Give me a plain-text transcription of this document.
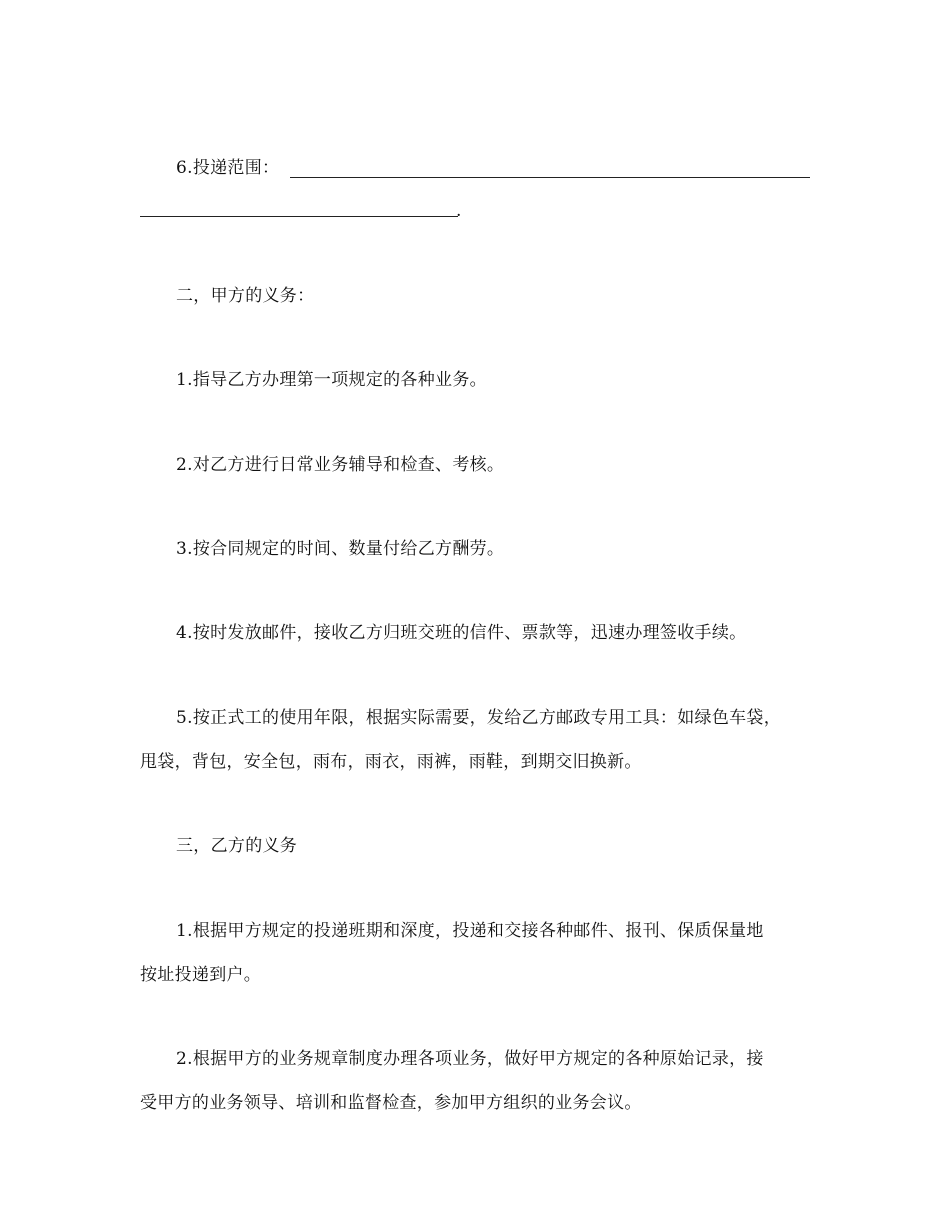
6.投递范围：
.
二，甲方的义务：
1.指导乙方办理第一项规定的各种业务。
2.对乙方进行日常业务辅导和检查、考核。
3.按合同规定的时间、数量付给乙方酬劳。
4.按时发放邮件，接收乙方归班交班的信件、票款等，迅速办理签收手续。
5.按正式工的使用年限，根据实际需要，发给乙方邮政专用工具：如绿色车袋，
甩袋，背包，安全包，雨布，雨衣，雨裤，雨鞋，到期交旧换新。
三，乙方的义务
1.根据甲方规定的投递班期和深度，投递和交接各种邮件、报刊、保质保量地
按址投递到户。
2.根据甲方的业务规章制度办理各项业务，做好甲方规定的各种原始记录，接
受甲方的业务领导、培训和监督检查，参加甲方组织的业务会议。
